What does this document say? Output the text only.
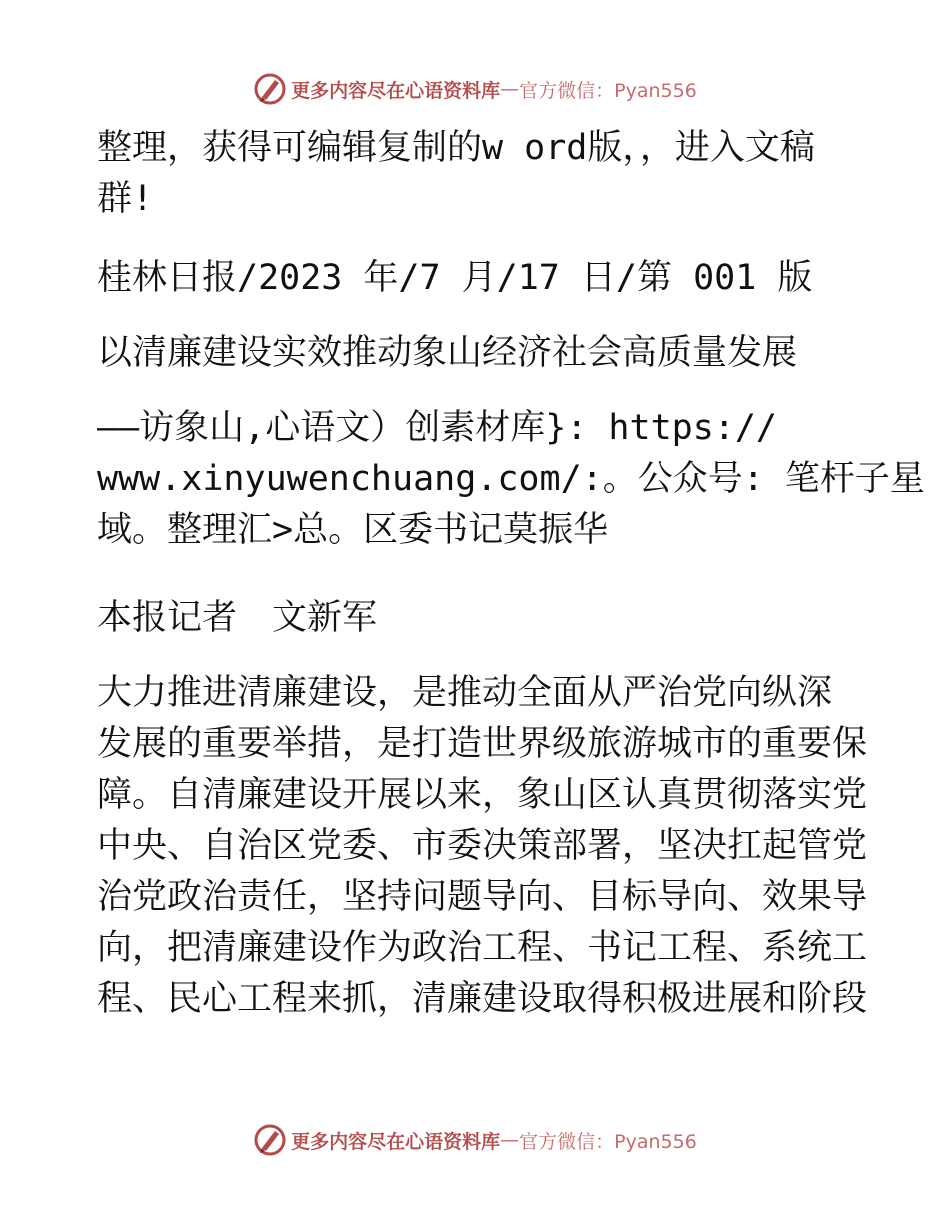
更多内容尽在心语资料库 — 官方微信：Pyan556

整理，获得可编辑复制的w ord版，，进入文稿
群!

桂林日报/2023 年/7 月/17 日/第 001 版

以清廉建设实效推动象山经济社会高质量发展

——访象山,心语文）创素材库}: https://
www.xinyuwenchuang.com/:。公众号: 笔杆子星
域。整理汇>总。区委书记莫振华

本报记者　文新军

大力推进清廉建设，是推动全面从严治党向纵深
发展的重要举措，是打造世界级旅游城市的重要保
障。自清廉建设开展以来，象山区认真贯彻落实党
中央、自治区党委、市委决策部署，坚决扛起管党
治党政治责任，坚持问题导向、目标导向、效果导
向，把清廉建设作为政治工程、书记工程、系统工
程、民心工程来抓，清廉建设取得积极进展和阶段

更多内容尽在心语资料库 — 官方微信：Pyan556
